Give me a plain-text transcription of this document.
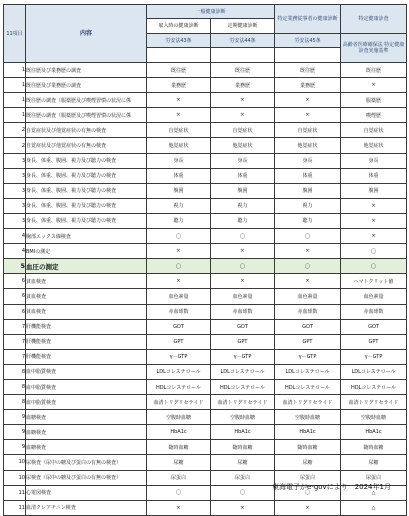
11項目	内容	一般健康診断		特定業務従事者の健康診断	特定健康診査
		雇入時の健康診断	定期健康診断		
		労安法43条	労安法44条	労安法45条	高齢者医療確保法 特定健康診査実施基準

1	既往歴及び業務歴の調査	既往歴	既往歴	既往歴	既往歴
1	既往歴及び業務歴の調査	業務歴	業務歴	業務歴	×
1	既往歴の調査（服薬歴及び喫煙習慣の状況に係	×	×	×	服薬歴
1	既往歴の調査（服薬歴及び喫煙習慣の状況に係	×	×	×	喫煙歴
2	自覚症状及び他覚症状の有無の検査	自覚症状	自覚症状	自覚症状	自覚症状
2	自覚症状及び他覚症状の有無の検査	他覚症状	他覚症状	他覚症状	他覚症状
3	身長、体重、腹囲、視力及び聴力の検査	身長	身長	身長	身長
3	身長、体重、腹囲、視力及び聴力の検査	体重	体重	体重	体重
3	身長、体重、腹囲、視力及び聴力の検査	腹囲	腹囲	腹囲	腹囲
3	身長、体重、腹囲、視力及び聴力の検査	視力	視力	視力	×
3	身長、体重、腹囲、視力及び聴力の検査	聴力	聴力	聴力	×
4	胸部エックス線検査	〇	〇	〇	×
4	BMIの測定	×	×	×	〇
5	血圧の測定	〇	〇	〇	〇
6	貧血検査	×	×	×	ヘマトクリット値
6	貧血検査	血色素量	血色素量	血色素量	血色素量
6	貧血検査	赤血球数	赤血球数	赤血球数	赤血球数
7	肝機能検査	GOT	GOT	GOT	GOT
7	肝機能検査	GPT	GPT	GPT	GPT
7	肝機能検査	γ－GTP	γ－GTP	γ－GTP	γ－GTP
8	血中脂質検査	LDLコレステロール	LDLコレステロール	LDLコレステロール	LDLコレステロール
8	血中脂質検査	HDLコレステロール	HDLコレステロール	HDLコレステロール	HDLコレステロール
8	血中脂質検査	血清トリグリセライド	血清トリグリセライド	血清トリグリセライド	血清トリグリセライド
9	血糖検査	空腹時血糖	空腹時血糖	空腹時血糖	空腹時血糖
9	血糖検査	HbA1c	HbA1c	HbA1c	HbA1c
9	血糖検査	随時血糖	随時血糖	随時血糖	随時血糖
10	尿検査（尿中の糖及び蛋白の有無の検査）	尿糖	尿糖	尿糖	尿糖
10	尿検査（尿中の糖及び蛋白の有無の検査）	尿蛋白	尿蛋白	尿蛋白	尿蛋白
11	心電図検査	〇	〇	〇	△
11	血清クレアチニン検査	×	×	×	△
東海電子がe-govにより　2024年1月
